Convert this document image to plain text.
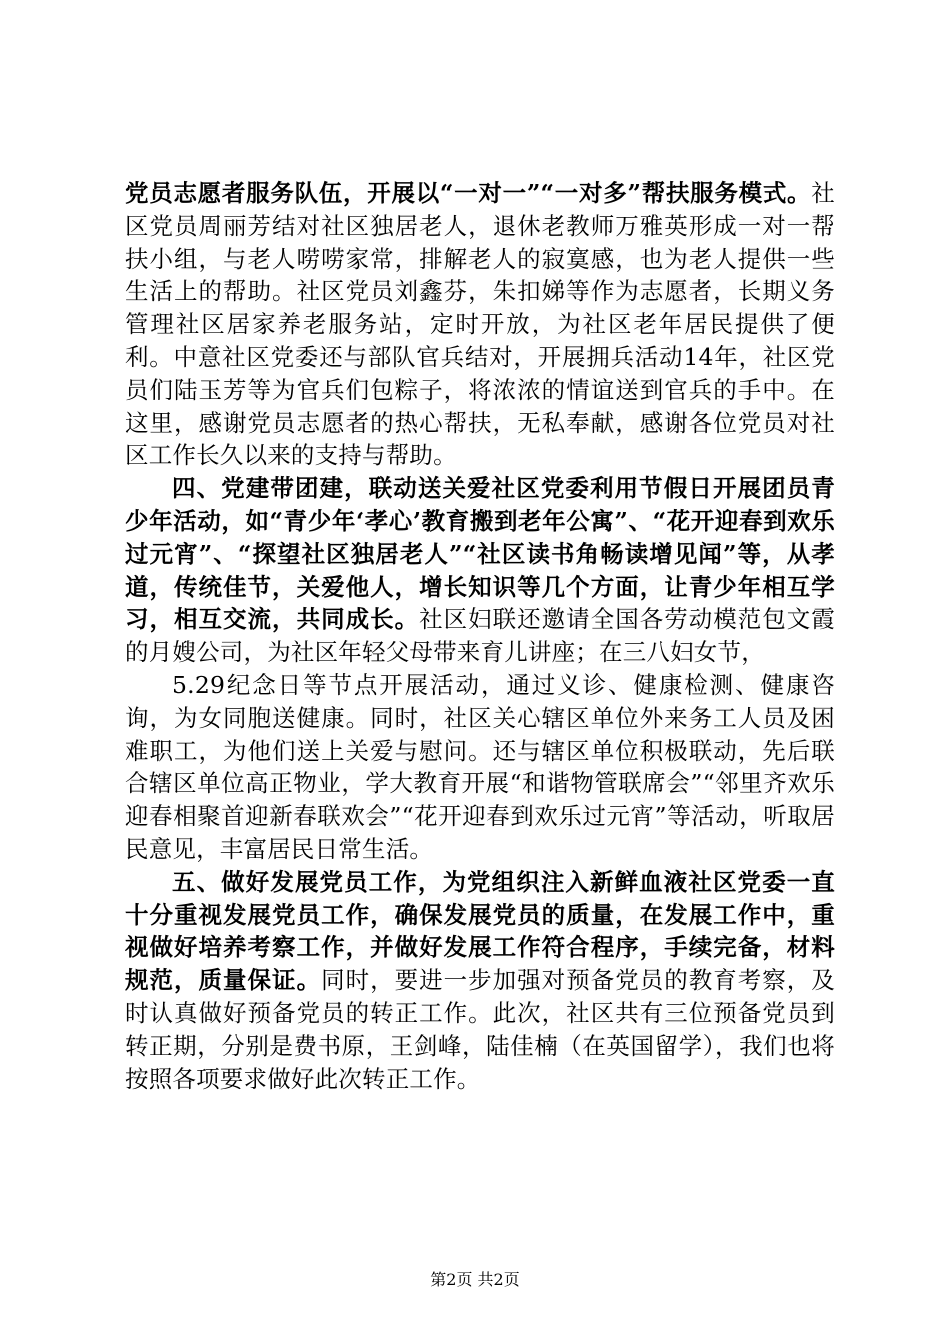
党员志愿者服务队伍，开展以“一对一”“一对多”帮扶服务模式。社区党员周丽芳结对社区独居老人，退休老教师万雅英形成一对一帮扶小组，与老人唠唠家常，排解老人的寂寞感，也为老人提供一些生活上的帮助。社区党员刘鑫芬，朱扣娣等作为志愿者，长期义务管理社区居家养老服务站，定时开放，为社区老年居民提供了便利。中意社区党委还与部队官兵结对，开展拥兵活动14年，社区党员们陆玉芳等为官兵们包粽子，将浓浓的情谊送到官兵的手中。在这里，感谢党员志愿者的热心帮扶，无私奉献，感谢各位党员对社区工作长久以来的支持与帮助。

四、党建带团建，联动送关爱社区党委利用节假日开展团员青少年活动，如“青少年‘孝心’教育搬到老年公寓”、“花开迎春到欢乐过元宵”、“探望社区独居老人”“社区读书角畅读增见闻”等，从孝道，传统佳节，关爱他人，增长知识等几个方面，让青少年相互学习，相互交流，共同成长。社区妇联还邀请全国各劳动模范包文霞的月嫂公司，为社区年轻父母带来育儿讲座；在三八妇女节，

5.29纪念日等节点开展活动，通过义诊、健康检测、健康咨询，为女同胞送健康。同时，社区关心辖区单位外来务工人员及困难职工，为他们送上关爱与慰问。还与辖区单位积极联动，先后联合辖区单位高正物业，学大教育开展“和谐物管联席会”“邻里齐欢乐迎春相聚首迎新春联欢会”“花开迎春到欢乐过元宵”等活动，听取居民意见，丰富居民日常生活。

五、做好发展党员工作，为党组织注入新鲜血液社区党委一直十分重视发展党员工作，确保发展党员的质量，在发展工作中，重视做好培养考察工作，并做好发展工作符合程序，手续完备，材料规范，质量保证。同时，要进一步加强对预备党员的教育考察，及时认真做好预备党员的转正工作。此次，社区共有三位预备党员到转正期，分别是费书原，王剑峰，陆佳楠（在英国留学），我们也将按照各项要求做好此次转正工作。

第2页 共2页
